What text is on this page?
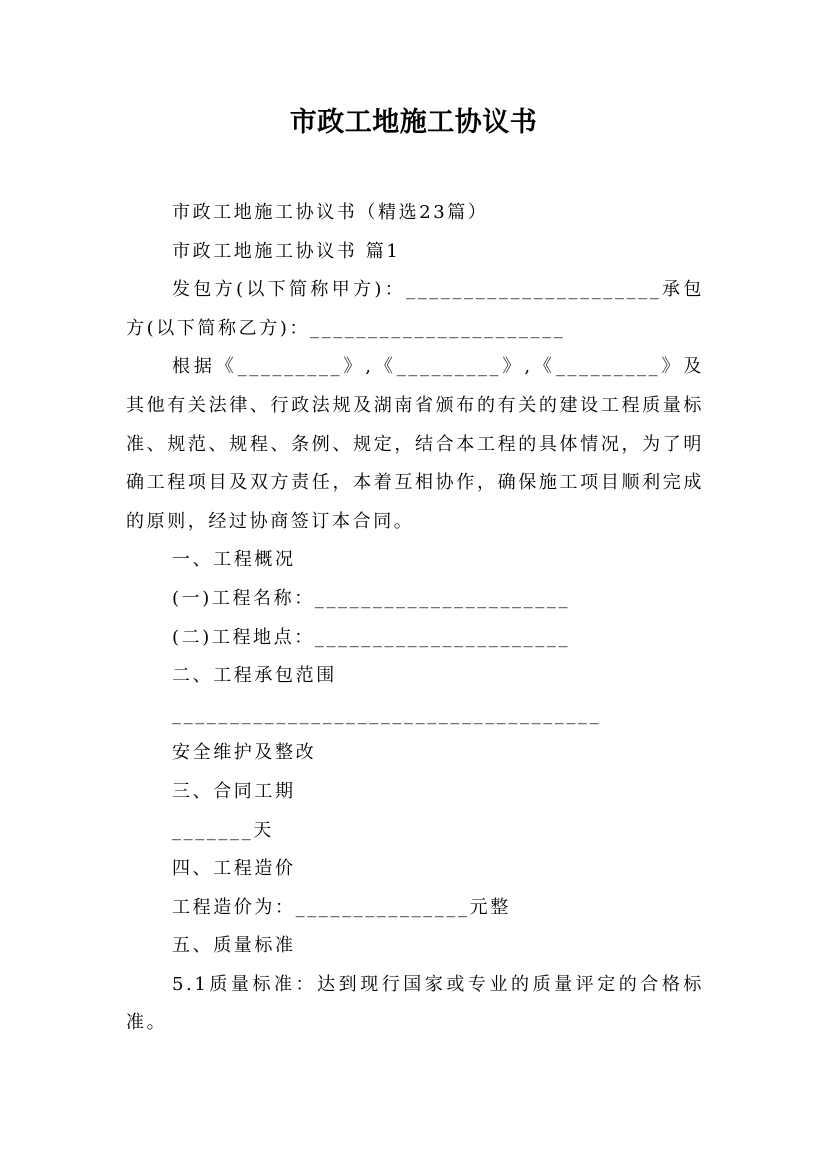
市政工地施工协议书

市政工地施工协议书（精选23篇）

市政工地施工协议书 篇1

发包方(以下简称甲方)：______________________承包方(以下简称乙方)：______________________

根据《_________》,《_________》,《_________》及其他有关法律、行政法规及湖南省颁布的有关的建设工程质量标准、规范、规程、条例、规定，结合本工程的具体情况，为了明确工程项目及双方责任，本着互相协作，确保施工项目顺利完成的原则，经过协商签订本合同。

一、工程概况

(一)工程名称：______________________

(二)工程地点：______________________

二、工程承包范围

_____________________________________

安全维护及整改

三、合同工期

_______天

四、工程造价

工程造价为：_______________元整

五、质量标准

5.1质量标准：达到现行国家或专业的质量评定的合格标准。
